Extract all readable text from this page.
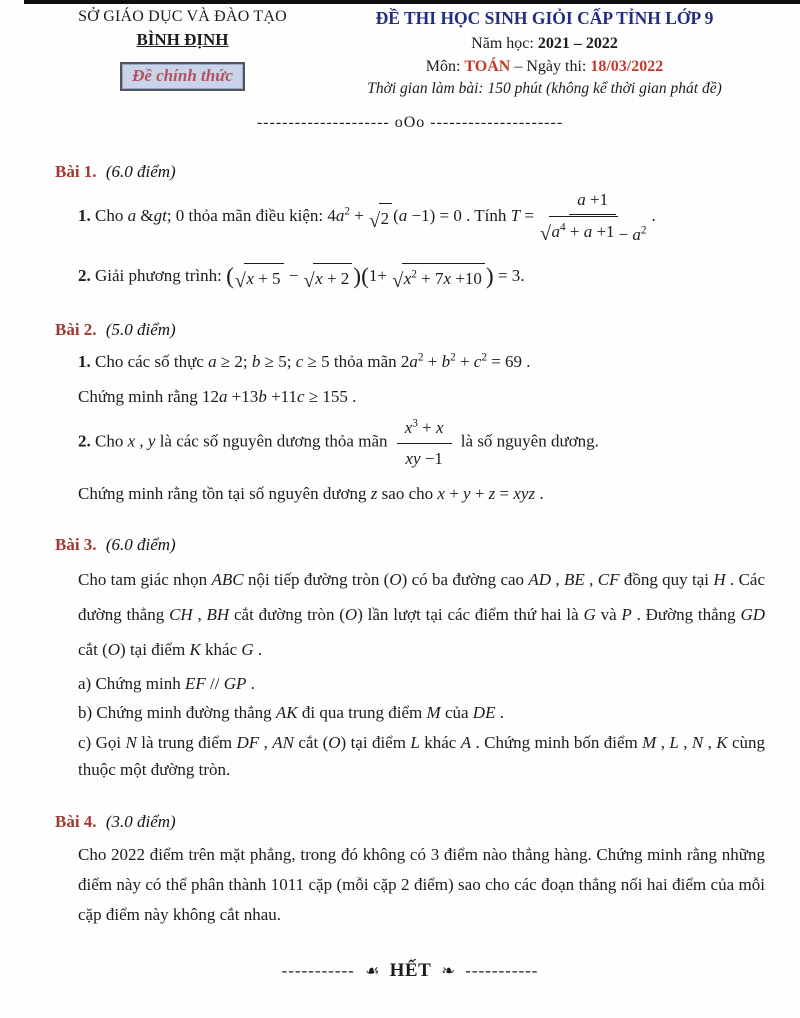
SỞ GIÁO DỤC VÀ ĐÀO TẠO
BÌNH ĐỊNH
Đề chính thức
ĐỀ THI HỌC SINH GIỎI CẤP TỈNH LỚP 9
Năm học: 2021 – 2022
Môn: TOÁN – Ngày thi: 18/03/2022
Thời gian làm bài: 150 phút (không kể thời gian phát đề)
--------------------- oOo ---------------------
Bài 1. (6.0 điểm)
1. Cho a &gt; 0 thỏa mãn điều kiện: $4a^2$ + √ 2 (a −1) = 0 . Tính $T = \frac{a +1}{√ a^4 + a +1 - a^2}$ .
2. Giải phương trình: ( √ x + 5 − √ x + 2 )(1+ √ $x^2 + 7x +10$ ) = 3.
Bài 2. (5.0 điểm)
1. Cho các số thực a ≥ 2; b ≥ 5; c ≥ 5 thỏa mãn $2a^2 + b^2 + c^2 = 69$ .
Chứng minh rằng 12a +13b +11c ≥ 155 .
2. Cho x , y là các số nguyên dương thỏa mãn $\frac{x^3 + x}{xy -1}$ là số nguyên dương.
Chứng minh rằng tồn tại số nguyên dương z sao cho x + y + z = xyz .
Bài 3. (6.0 điểm)
Cho tam giác nhọn ABC nội tiếp đường tròn (O) có ba đường cao AD , BE , CF đồng quy tại H . Các đường thẳng CH , BH cắt đường tròn (O) lần lượt tại các điểm thứ hai là G và P . Đường thẳng GD cắt (O) tại điểm K khác G .
a) Chứng minh EF // GP .
b) Chứng minh đường thẳng AK đi qua trung điểm M của DE .
c) Gọi N là trung điểm DF , AN cắt (O) tại điểm L khác A . Chứng minh bốn điểm M , L , N , K cùng thuộc một đường tròn.
Bài 4. (3.0 điểm)
Cho 2022 điểm trên mặt phẳng, trong đó không có 3 điểm nào thẳng hàng. Chứng minh rằng những điểm này có thể phân thành 1011 cặp (mỗi cặp 2 điểm) sao cho các đoạn thẳng nối hai điểm của mỗi cặp điểm này không cắt nhau.
----------- ☙ HẾT ❧ -----------
